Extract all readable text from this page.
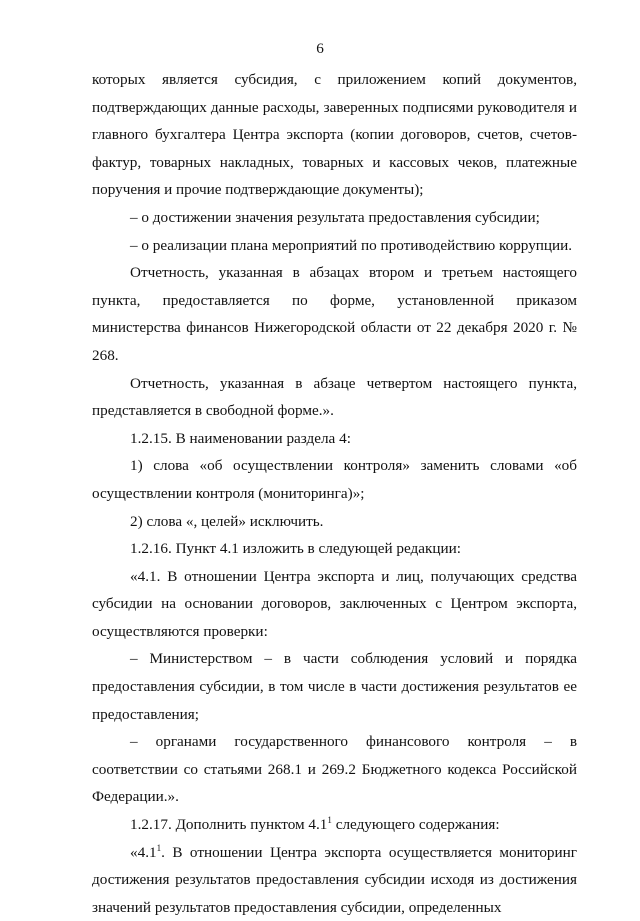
6

которых является субсидия, с приложением копий документов, подтверждающих данные расходы, заверенных подписями руководителя и главного бухгалтера Центра экспорта (копии договоров, счетов, счетов-фактур, товарных накладных, товарных и кассовых чеков, платежные поручения и прочие подтверждающие документы);

– о достижении значения результата предоставления субсидии;

– о реализации плана мероприятий по противодействию коррупции.

Отчетность, указанная в абзацах втором и третьем настоящего пункта, предоставляется по форме, установленной приказом министерства финансов Нижегородской области от 22 декабря 2020 г. № 268.

Отчетность, указанная в абзаце четвертом настоящего пункта, представляется в свободной форме.».

1.2.15. В наименовании раздела 4:

1) слова «об осуществлении контроля» заменить словами «об осуществлении контроля (мониторинга)»;

2) слова «, целей» исключить.

1.2.16. Пункт 4.1 изложить в следующей редакции:

«4.1. В отношении Центра экспорта и лиц, получающих средства субсидии на основании договоров, заключенных с Центром экспорта, осуществляются проверки:

– Министерством – в части соблюдения условий и порядка предоставления субсидии, в том числе в части достижения результатов ее предоставления;

– органами государственного финансового контроля – в соответствии со статьями 268.1 и 269.2 Бюджетного кодекса Российской Федерации.».

1.2.17. Дополнить пунктом $4.1^1$ следующего содержания:

«$4.1^1$. В отношении Центра экспорта осуществляется мониторинг достижения результатов предоставления субсидии исходя из достижения значений результатов предоставления субсидии, определенных
